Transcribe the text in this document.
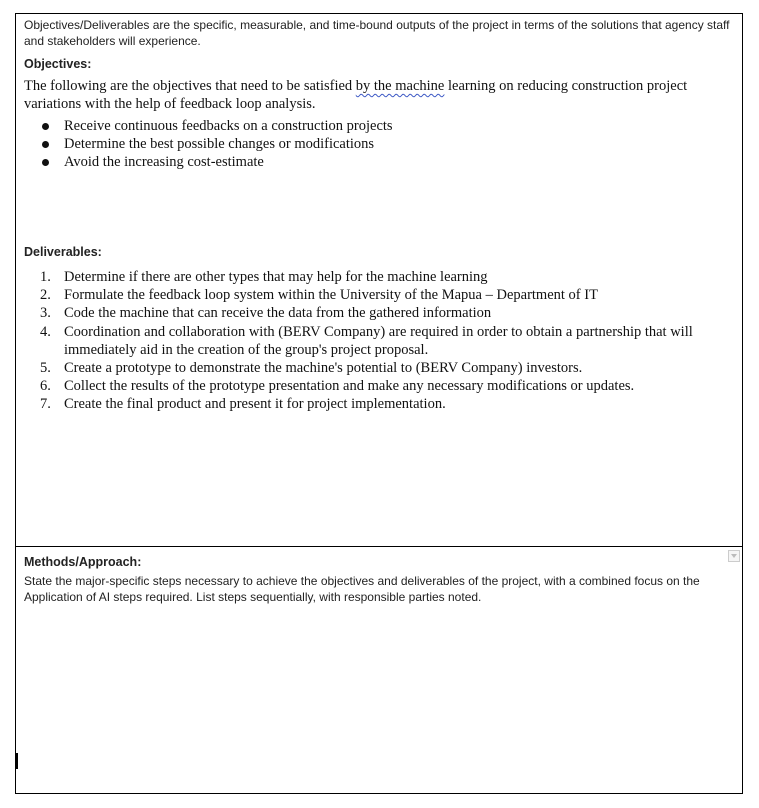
Objectives/Deliverables are the specific, measurable, and time-bound outputs of the project in terms of the solutions that agency staff and stakeholders will experience.
Objectives:
The following are the objectives that need to be satisfied by the machine learning on reducing construction project variations with the help of feedback loop analysis.
Receive continuous feedbacks on a construction projects
Determine the best possible changes or modifications
Avoid the increasing cost-estimate
Deliverables:
1. Determine if there are other types that may help for the machine learning
2. Formulate the feedback loop system within the University of the Mapua – Department of IT
3. Code the machine that can receive the data from the gathered information
4. Coordination and collaboration with (BERV Company) are required in order to obtain a partnership that will immediately aid in the creation of the group's project proposal.
5. Create a prototype to demonstrate the machine's potential to (BERV Company) investors.
6. Collect the results of the prototype presentation and make any necessary modifications or updates.
7. Create the final product and present it for project implementation.
Methods/Approach:
State the major-specific steps necessary to achieve the objectives and deliverables of the project, with a combined focus on the Application of AI steps required. List steps sequentially, with responsible parties noted.
